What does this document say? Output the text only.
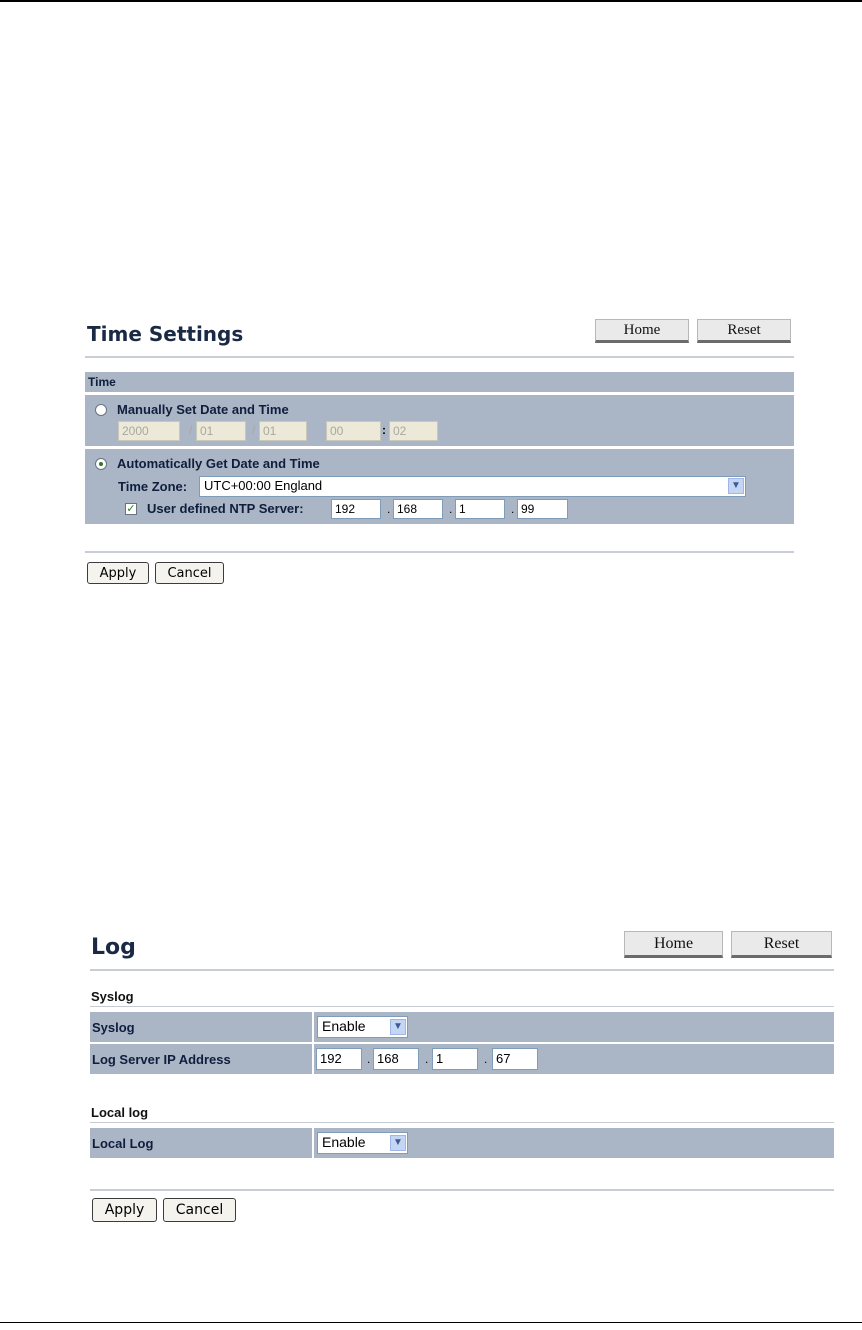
Time Settings	Home	Reset
Time
Manually Set Date and Time
2000	/ 01	/ 01	00	: 02
Automatically Get Date and Time
Time Zone:	UTC+00:00 England	▼
✓ User defined NTP Server:	192	. 168	. 1	. 99
Apply	Cancel
Log	Home	Reset
Syslog
Syslog	Enable	▼
Log Server IP Address	192	. 168	. 1	. 67
Local log
Local Log	Enable	▼
Apply	Cancel
